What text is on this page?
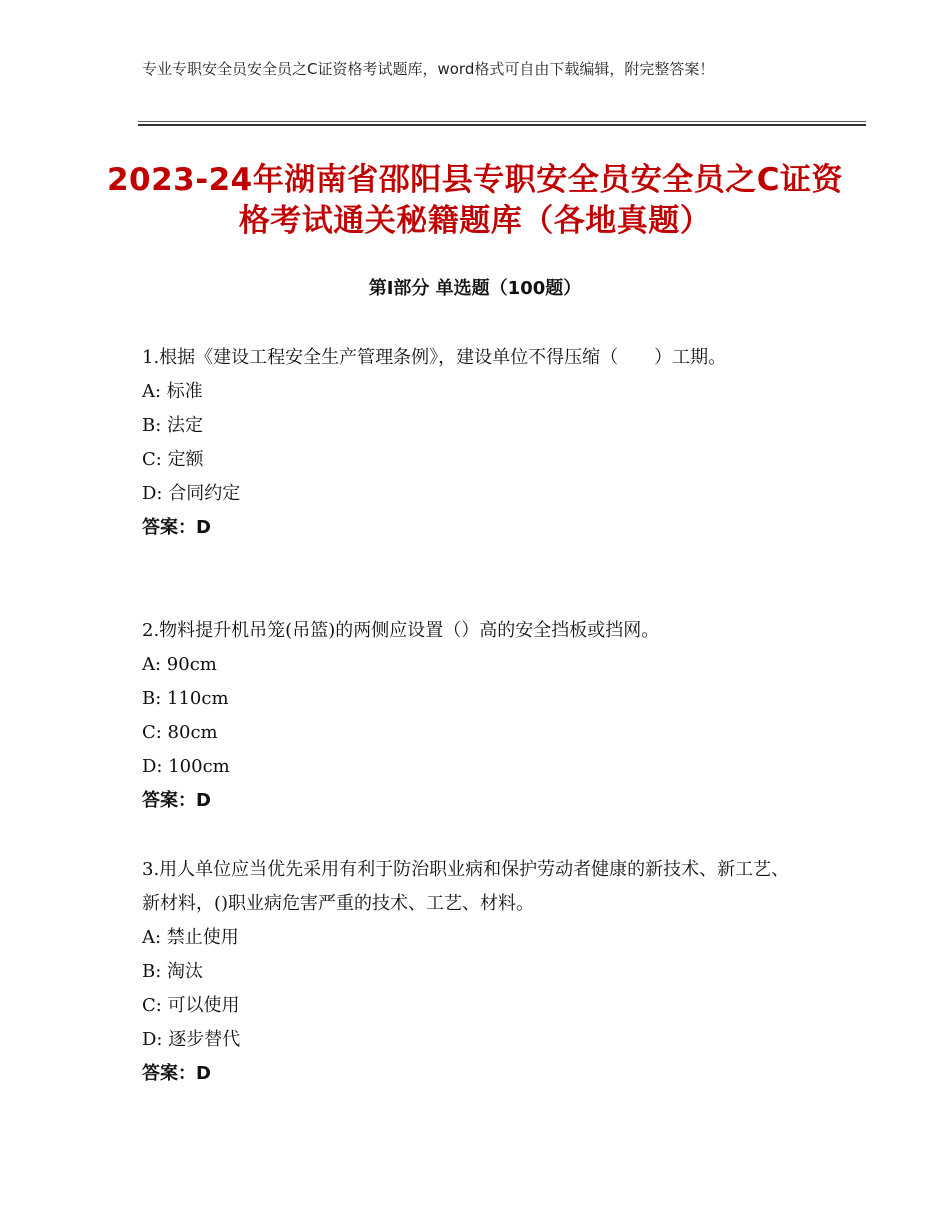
专业专职安全员安全员之C证资格考试题库，word格式可自由下载编辑，附完整答案！
2023-24年湖南省邵阳县专职安全员安全员之C证资格考试通关秘籍题库（各地真题）
第Ⅰ部分 单选题（100题）
1.根据《建设工程安全生产管理条例》，建设单位不得压缩（　　）工期。
A: 标准
B: 法定
C: 定额
D: 合同约定
答案：D
2.物料提升机吊笼(吊篮)的两侧应设置（）高的安全挡板或挡网。
A: 90cm
B: 110cm
C: 80cm
D: 100cm
答案：D
3.用人单位应当优先采用有利于防治职业病和保护劳动者健康的新技术、新工艺、新材料，()职业病危害严重的技术、工艺、材料。
A: 禁止使用
B: 淘汰
C: 可以使用
D: 逐步替代
答案：D
